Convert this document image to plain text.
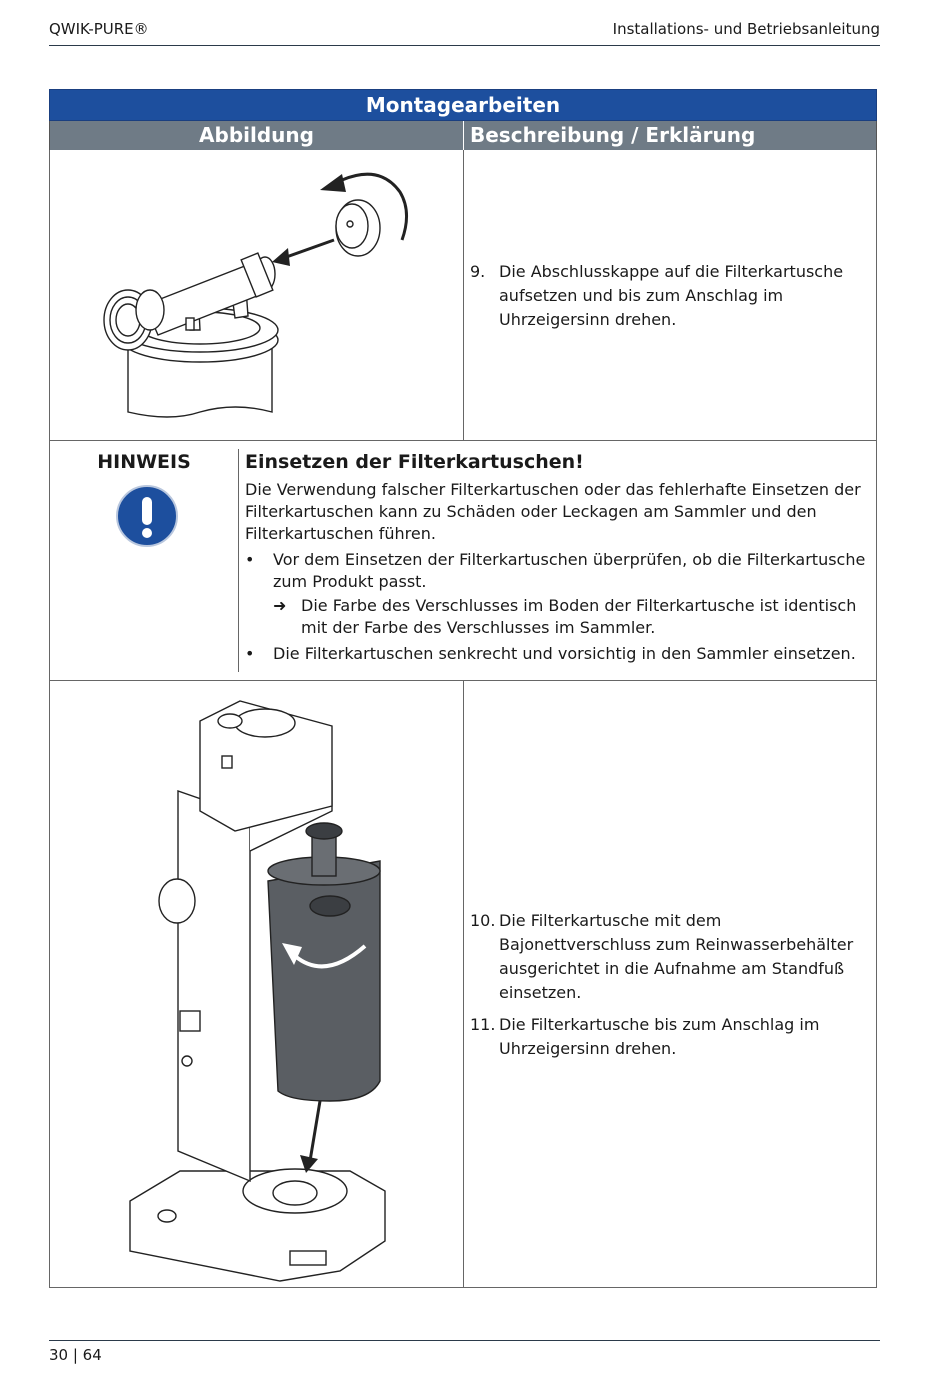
QWIK-PURE®	Installations- und Betriebsanleitung
Montagearbeiten
Abbildung	Beschreibung / Erklärung
9. Die Abschlusskappe auf die Filterkartusche aufsetzen und bis zum Anschlag im Uhrzeigersinn drehen.
HINWEIS	Einsetzen der Filterkartuschen!
Die Verwendung falscher Filterkartuschen oder das fehlerhafte Einsetzen der Filterkartuschen kann zu Schäden oder Leckagen am Sammler und den Filterkartuschen führen.
•	Vor dem Einsetzen der Filterkartuschen überprüfen, ob die Filterkartusche zum Produkt passt.
➜ Die Farbe des Verschlusses im Boden der Filterkartusche ist identisch mit der Farbe des Verschlusses im Sammler.
•	Die Filterkartuschen senkrecht und vorsichtig in den Sammler einsetzen.
10. Die Filterkartusche mit dem Bajonettverschluss zum Reinwasserbehälter ausgerichtet in die Aufnahme am Standfuß einsetzen.
11. Die Filterkartusche bis zum Anschlag im Uhrzeigersinn drehen.
30 | 64
